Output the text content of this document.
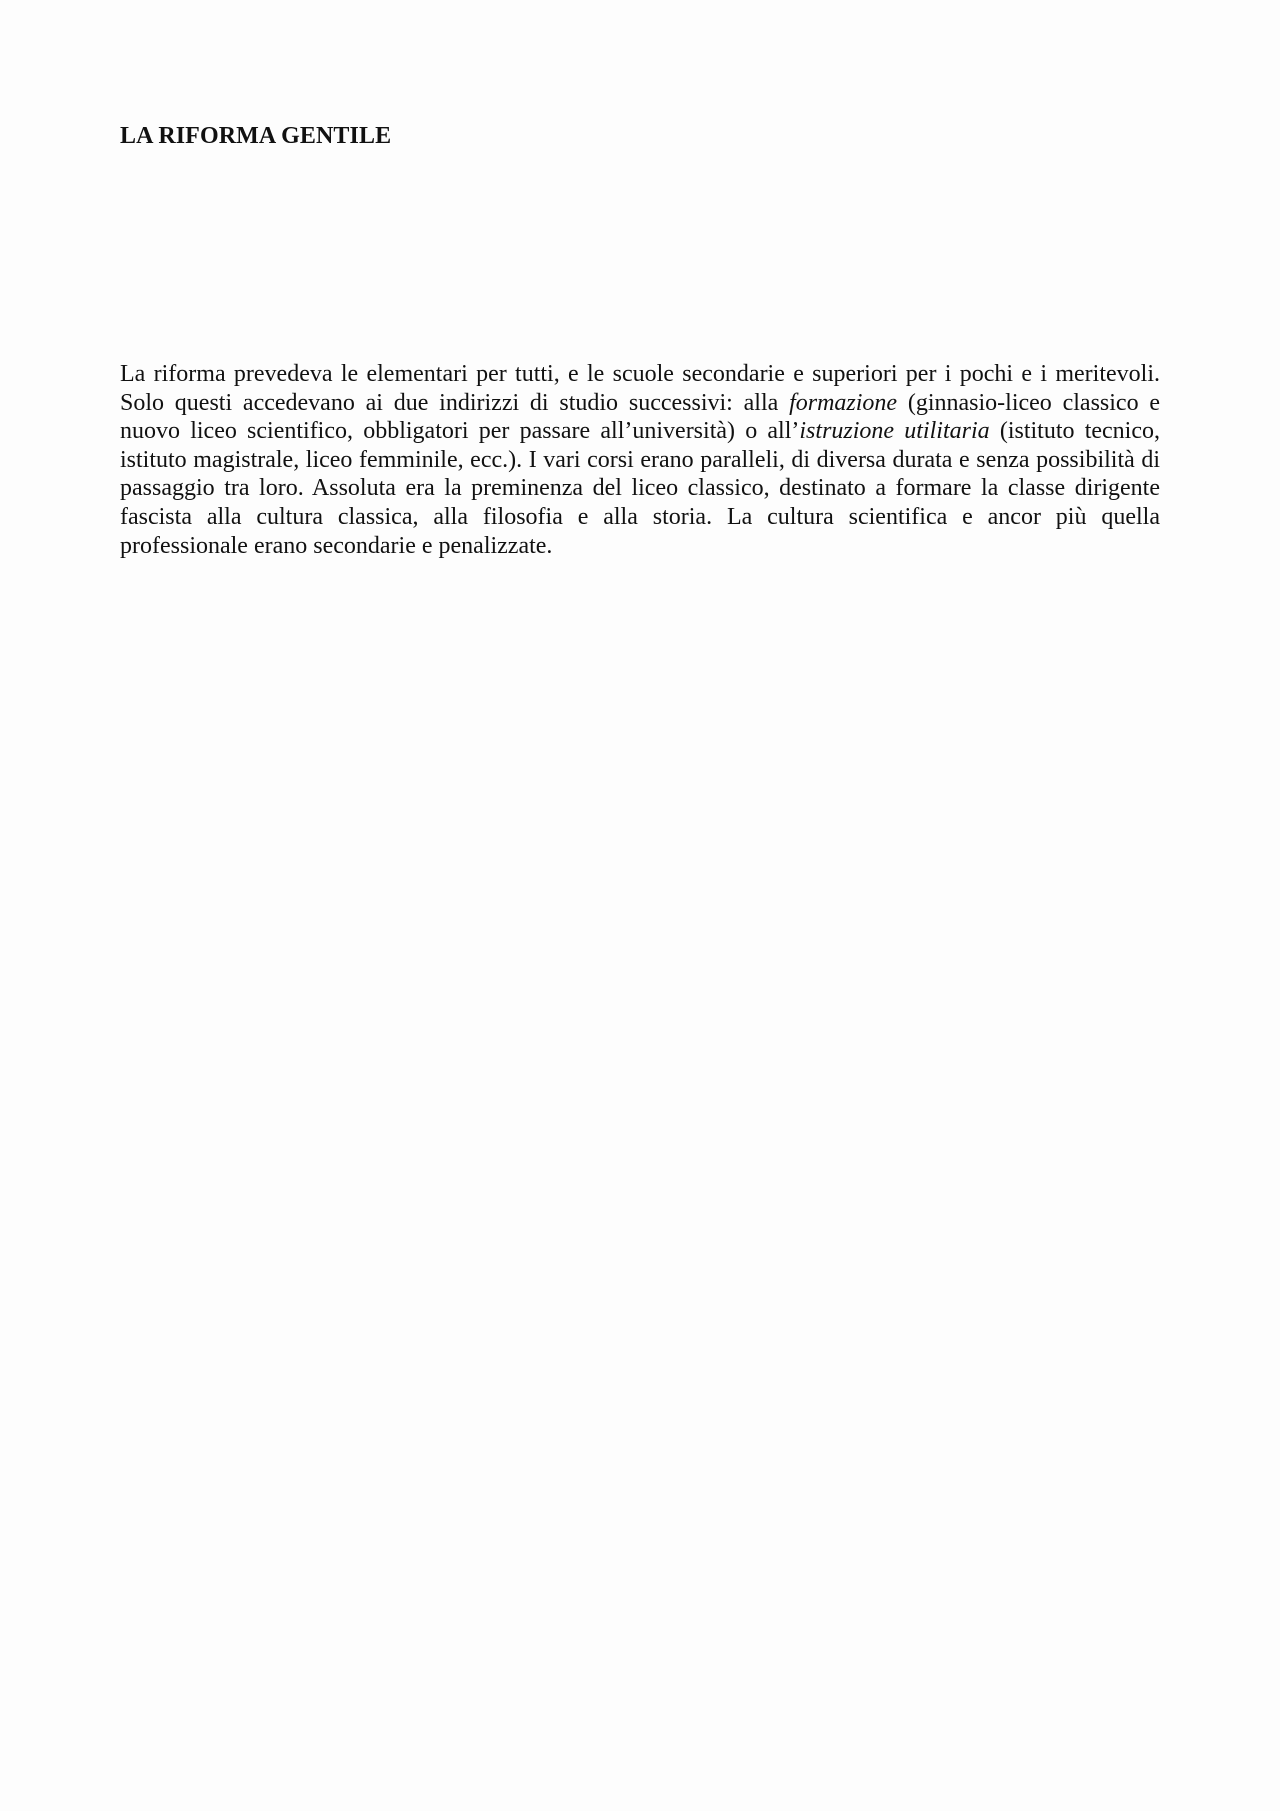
LA RIFORMA GENTILE

La riforma prevedeva le elementari per tutti, e le scuole secondarie e superiori per i pochi e i meritevoli. Solo questi accedevano ai due indirizzi di studio successivi: alla formazione (ginnasio-liceo classico e nuovo liceo scientifico, obbligatori per passare all’università) o all’istruzione utilitaria (istituto tecnico, istituto magistrale, liceo femminile, ecc.). I vari corsi erano paralleli, di diversa durata e senza possibilità di passaggio tra loro. Assoluta era la preminenza del liceo classico, destinato a formare la classe dirigente fascista alla cultura classica, alla filosofia e alla storia. La cultura scientifica e ancor più quella professionale erano secondarie e penalizzate.
